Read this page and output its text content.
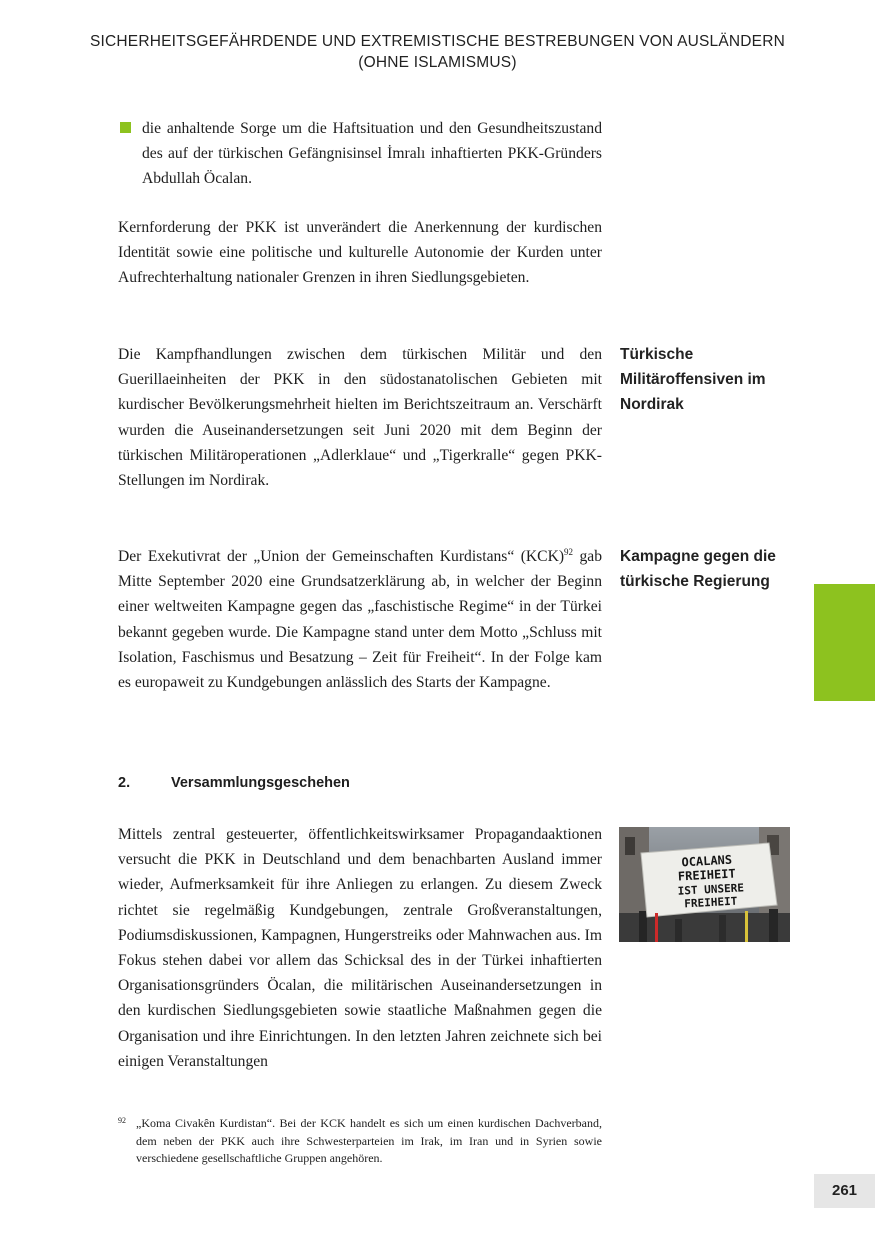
SICHERHEITSGEFÄHRDENDE UND EXTREMISTISCHE BESTREBUNGEN VON AUSLÄNDERN
(OHNE ISLAMISMUS)
die anhaltende Sorge um die Haftsituation und den Gesundheitszustand des auf der türkischen Gefängnisinsel İmralı inhaftierten PKK-Gründers Abdullah Öcalan.
Kernforderung der PKK ist unverändert die Anerkennung der kurdischen Identität sowie eine politische und kulturelle Autonomie der Kurden unter Aufrechterhaltung nationaler Grenzen in ihren Siedlungsgebieten.
Die Kampfhandlungen zwischen dem türkischen Militär und den Guerillaeinheiten der PKK in den südostanatolischen Gebieten mit kurdischer Bevölkerungsmehrheit hielten im Berichtszeitraum an. Verschärft wurden die Auseinandersetzungen seit Juni 2020 mit dem Beginn der türkischen Militäroperationen „Adlerklaue“ und „Tigerkralle“ gegen PKK-Stellungen im Nordirak.
Türkische
Militäroffensiven im
Nordirak
Der Exekutivrat der „Union der Gemeinschaften Kurdistans“ (KCK)$^{92}$ gab Mitte September 2020 eine Grundsatzerklärung ab, in welcher der Beginn einer weltweiten Kampagne gegen das „faschistische Regime“ in der Türkei bekannt gegeben wurde. Die Kampagne stand unter dem Motto „Schluss mit Isolation, Faschismus und Besatzung – Zeit für Freiheit“. In der Folge kam es europaweit zu Kundgebungen anlässlich des Starts der Kampagne.
Kampagne gegen die
türkische Regierung
2.	Versammlungsgeschehen
Mittels zentral gesteuerter, öffentlichkeitswirksamer Propagandaaktionen versucht die PKK in Deutschland und dem benachbarten Ausland immer wieder, Aufmerksamkeit für ihre Anliegen zu erlangen. Zu diesem Zweck richtet sie regelmäßig Kundgebungen, zentrale Großveranstaltungen, Podiumsdiskussionen, Kampagnen, Hungerstreiks oder Mahnwachen aus. Im Fokus stehen dabei vor allem das Schicksal des in der Türkei inhaftierten Organisationsgründers Öcalan, die militärischen Auseinandersetzungen in den kurdischen Siedlungsgebieten sowie staatliche Maßnahmen gegen die Organisation und ihre Einrichtungen. In den letzten Jahren zeichnete sich bei einigen Veranstaltungen
OCALANS
FREIHEIT
IST UNSERE
FREIHEIT
92 „Koma Civakên Kurdistan“. Bei der KCK handelt es sich um einen kurdischen Dachverband, dem neben der PKK auch ihre Schwesterparteien im Irak, im Iran und in Syrien sowie verschiedene gesellschaftliche Gruppen angehören.
261
